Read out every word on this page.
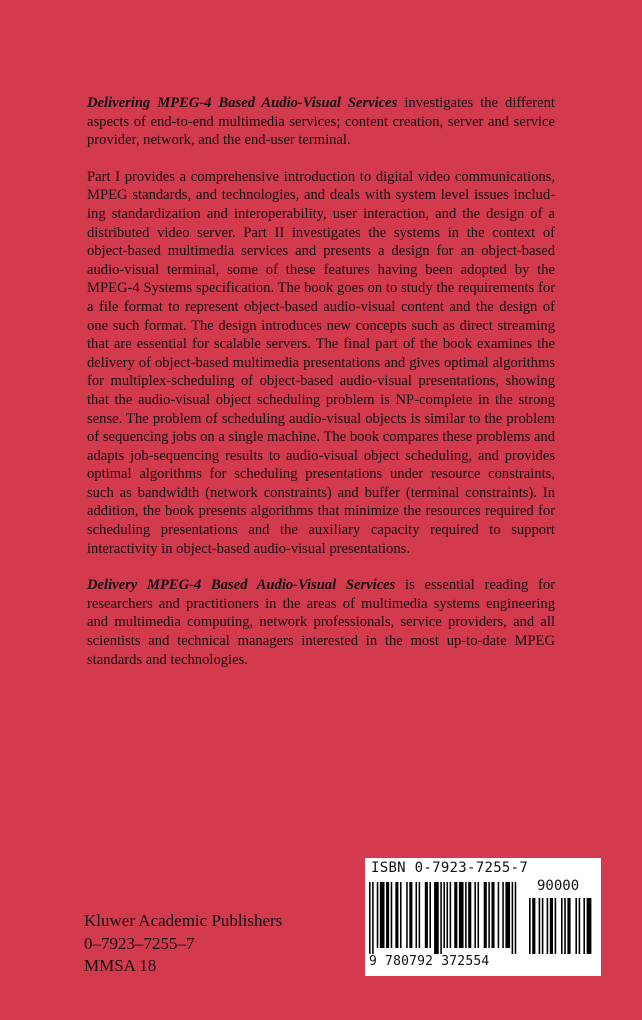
Delivering MPEG-4 Based Audio-Visual Services investigates the different aspects of end-to-end multimedia services; content creation, server and service provider, network, and the end-user terminal.

Part I provides a comprehensive introduction to digital video communications, MPEG standards, and technologies, and deals with system level issues including standardization and interoperability, user interaction, and the design of a distributed video server. Part II investigates the systems in the context of object-based multimedia services and presents a design for an object-based audio-visual terminal, some of these features having been adopted by the MPEG-4 Systems specification. The book goes on to study the requirements for a file format to represent object-based audio-visual content and the design of one such format. The design introduces new concepts such as direct streaming that are essential for scalable servers. The final part of the book examines the delivery of object-based multimedia presentations and gives optimal algorithms for multiplex-scheduling of object-based audio-visual presentations, showing that the audio-visual object scheduling problem is NP-complete in the strong sense. The problem of scheduling audio-visual objects is similar to the problem of sequencing jobs on a single machine. The book compares these problems and adapts job-sequencing results to audio-visual object scheduling, and provides optimal algorithms for scheduling presentations under resource constraints, such as bandwidth (network constraints) and buffer (terminal constraints). In addition, the book presents algorithms that minimize the resources required for scheduling presentations and the auxiliary capacity required to support interactivity in object-based audio-visual presentations.

Delivery MPEG-4 Based Audio-Visual Services is essential reading for researchers and practitioners in the areas of multimedia systems engineering and multimedia computing, network professionals, service providers, and all scientists and technical managers interested in the most up-to-date MPEG standards and technologies.

Kluwer Academic Publishers
0–7923–7255–7
MMSA 18
ISBN 0-7923-7255-7
90000
9 780792 372554
